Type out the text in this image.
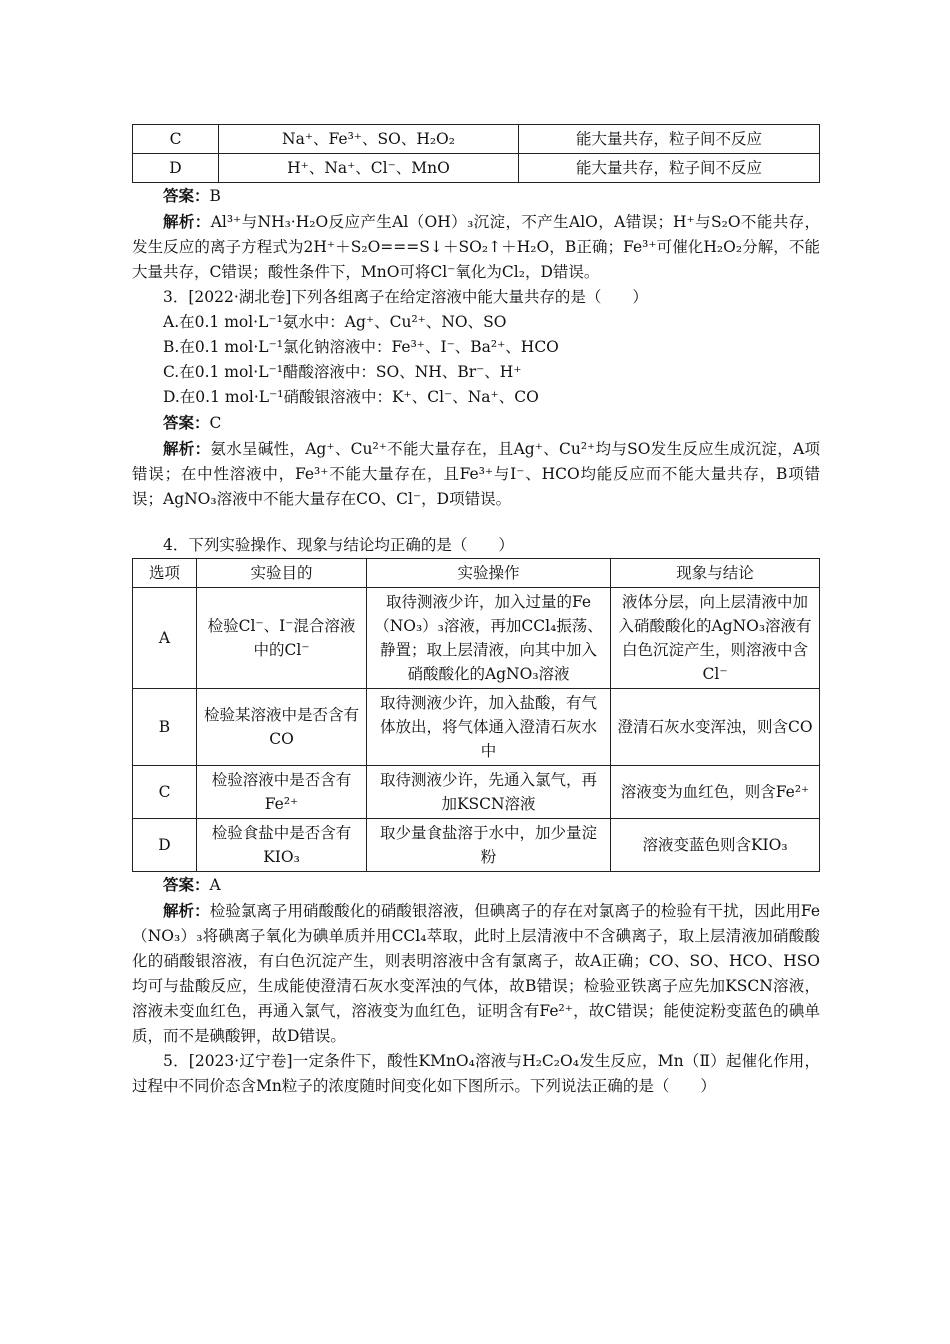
C	Na⁺、Fe³⁺、SO、H₂O₂	能大量共存，粒子间不反应
D	H⁺、Na⁺、Cl⁻、MnO	能大量共存，粒子间不反应

答案：B

解析：Al³⁺与NH₃·H₂O反应产生Al（OH）₃沉淀，不产生AlO，A错误；H⁺与S₂O不能共存，发生反应的离子方程式为2H⁺＋S₂O===S↓＋SO₂↑＋H₂O，B正确；Fe³⁺可催化H₂O₂分解，不能大量共存，C错误；酸性条件下，MnO可将Cl⁻氧化为Cl₂，D错误。

3．[2022·湖北卷]下列各组离子在给定溶液中能大量共存的是（　　）

A.在0.1 mol·L⁻¹氨水中：Ag⁺、Cu²⁺、NO、SO

B.在0.1 mol·L⁻¹氯化钠溶液中：Fe³⁺、I⁻、Ba²⁺、HCO

C.在0.1 mol·L⁻¹醋酸溶液中：SO、NH、Br⁻、H⁺

D.在0.1 mol·L⁻¹硝酸银溶液中：K⁺、Cl⁻、Na⁺、CO

答案：C

解析：氨水呈碱性，Ag⁺、Cu²⁺不能大量存在，且Ag⁺、Cu²⁺均与SO发生反应生成沉淀，A项错误；在中性溶液中，Fe³⁺不能大量存在，且Fe³⁺与I⁻、HCO均能反应而不能大量共存，B项错误；AgNO₃溶液中不能大量存在CO、Cl⁻，D项错误。

4．下列实验操作、现象与结论均正确的是（　　）

选项	实验目的	实验操作	现象与结论
A	检验Cl⁻、I⁻混合溶液中的Cl⁻	取待测液少许，加入过量的Fe（NO₃）₃溶液，再加CCl₄振荡、静置；取上层清液，向其中加入硝酸酸化的AgNO₃溶液	液体分层，向上层清液中加入硝酸酸化的AgNO₃溶液有白色沉淀产生，则溶液中含Cl⁻
B	检验某溶液中是否含有CO	取待测液少许，加入盐酸，有气体放出，将气体通入澄清石灰水中	澄清石灰水变浑浊，则含CO
C	检验溶液中是否含有Fe²⁺	取待测液少许，先通入氯气，再加KSCN溶液	溶液变为血红色，则含Fe²⁺
D	检验食盐中是否含有KIO₃	取少量食盐溶于水中，加少量淀粉	溶液变蓝色则含KIO₃

答案：A

解析：检验氯离子用硝酸酸化的硝酸银溶液，但碘离子的存在对氯离子的检验有干扰，因此用Fe（NO₃）₃将碘离子氧化为碘单质并用CCl₄萃取，此时上层清液中不含碘离子，取上层清液加硝酸酸化的硝酸银溶液，有白色沉淀产生，则表明溶液中含有氯离子，故A正确；CO、SO、HCO、HSO均可与盐酸反应，生成能使澄清石灰水变浑浊的气体，故B错误；检验亚铁离子应先加KSCN溶液，溶液未变血红色，再通入氯气，溶液变为血红色，证明含有Fe²⁺，故C错误；能使淀粉变蓝色的碘单质，而不是碘酸钾，故D错误。

5．[2023·辽宁卷]一定条件下，酸性KMnO₄溶液与H₂C₂O₄发生反应，Mn（Ⅱ）起催化作用，过程中不同价态含Mn粒子的浓度随时间变化如下图所示。下列说法正确的是（　　）
